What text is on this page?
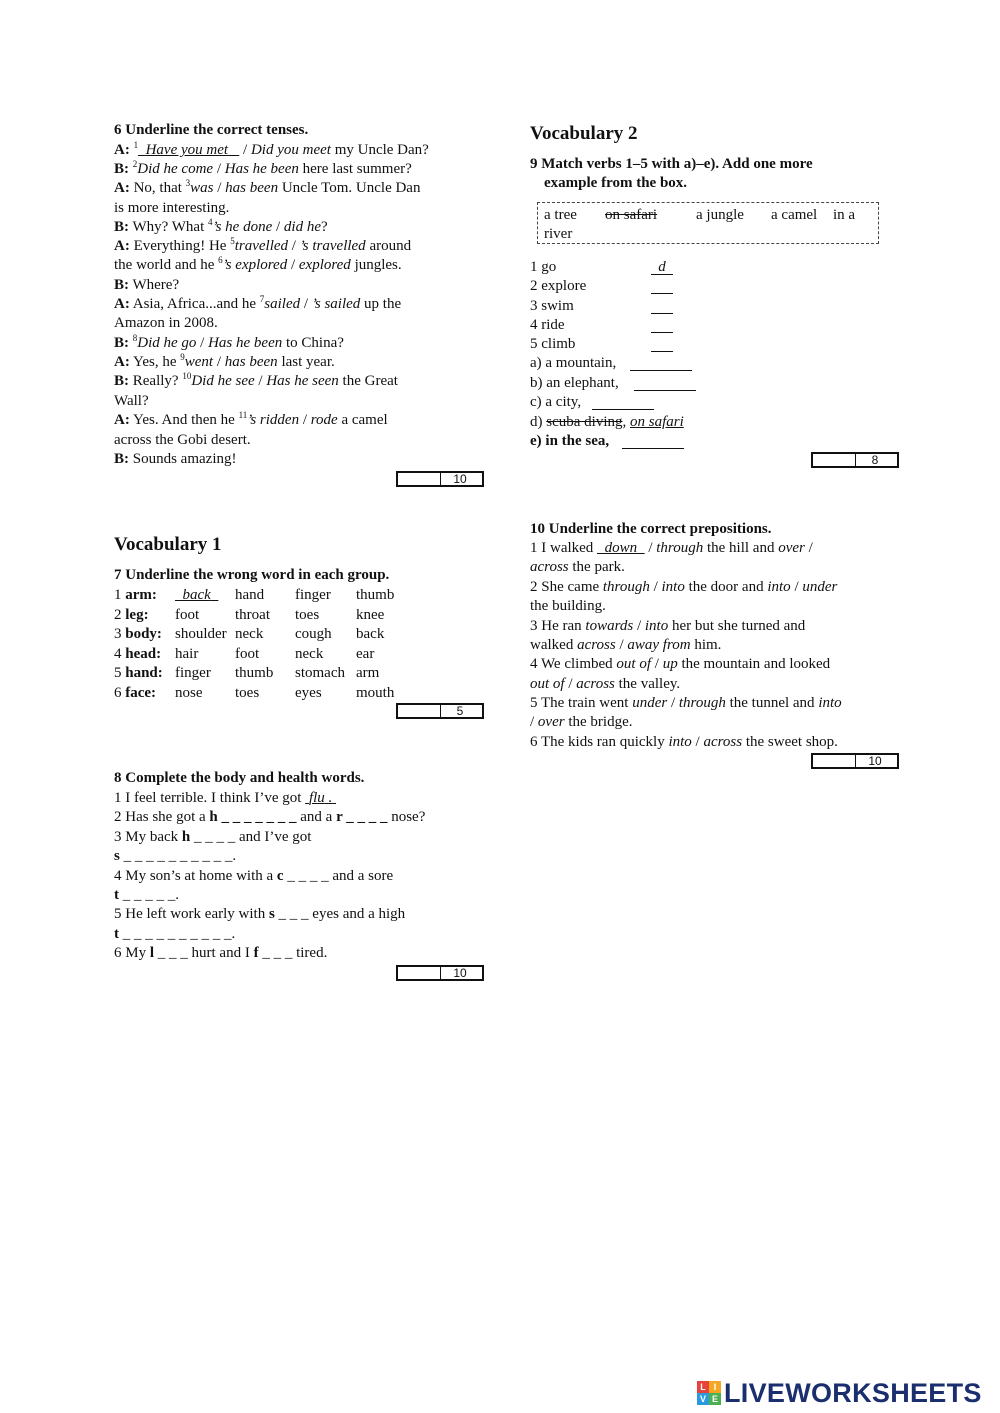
6 Underline the correct tenses.
A: $^1$ Have you met    / Did you meet my Uncle Dan?
B: $^2$Did he come / Has he been here last summer?
A: No, that $^3$was / has been Uncle Tom. Uncle Dan
is more interesting.
B: Why? What $^4$’s he done / did he?
A: Everything! He $^5$travelled / ’s travelled around
the world and he $^6$’s explored / explored jungles.
B: Where?
A: Asia, Africa...and he $^7$sailed / ’s sailed up the
Amazon in 2008.
B: $^8$Did he go / Has he been to China?
A: Yes, he $^9$went / has been last year.
B: Really? $^{10}$Did he see / Has he seen the Great
Wall?
A: Yes. And then he $^{11}$’s ridden / rode a camel
across the Gobi desert.
B: Sounds amazing!
10
Vocabulary 1
7 Underline the wrong word in each group.
1 arm:	back	hand finger thumb
2 leg: foot throat toes knee
3 body: shoulder neck cough back
4 head: hair foot neck ear
5 hand: finger thumb stomach arm
6 face: nose toes eyes mouth
5
8 Complete the body and health words.
1 I feel terrible. I think I’ve got  flu .
2 Has she got a h _ _ _ _ _ _ _ and a r _ _ _ _ nose?
3 My back h _ _ _ _ and I’ve got
s _ _ _ _ _ _ _ _ _ _.
4 My son’s at home with a c _ _ _ _ and a sore
t _ _ _ _ _.
5 He left work early with s _ _ _ eyes and a high
t _ _ _ _ _ _ _ _ _ _.
6 My l _ _ _ hurt and I f _ _ _ tired.
10
Vocabulary 2
9 Match verbs 1–5 with a)–e). Add one more
example from the box.
a tree on safari	a jungle a camel in a
river
1 go	d
2 explore
3 swim
4 ride
5 climb
a) a mountain,
b) an elephant,
c) a city,
d) scuba diving, on safari
e) in the sea,
8
10 Underline the correct prepositions.
1 I walked   down   / through the hill and over /
across the park.
2 She came through / into the door and into / under
the building.
3 He ran towards / into her but she turned and
walked across / away from him.
4 We climbed out of / up the mountain and looked
out of / across the valley.
5 The train went under / through the tunnel and into
/ over the bridge.
6 The kids ran quickly into / across the sweet shop.
10
L I
V E LIVEWORKSHEETS
